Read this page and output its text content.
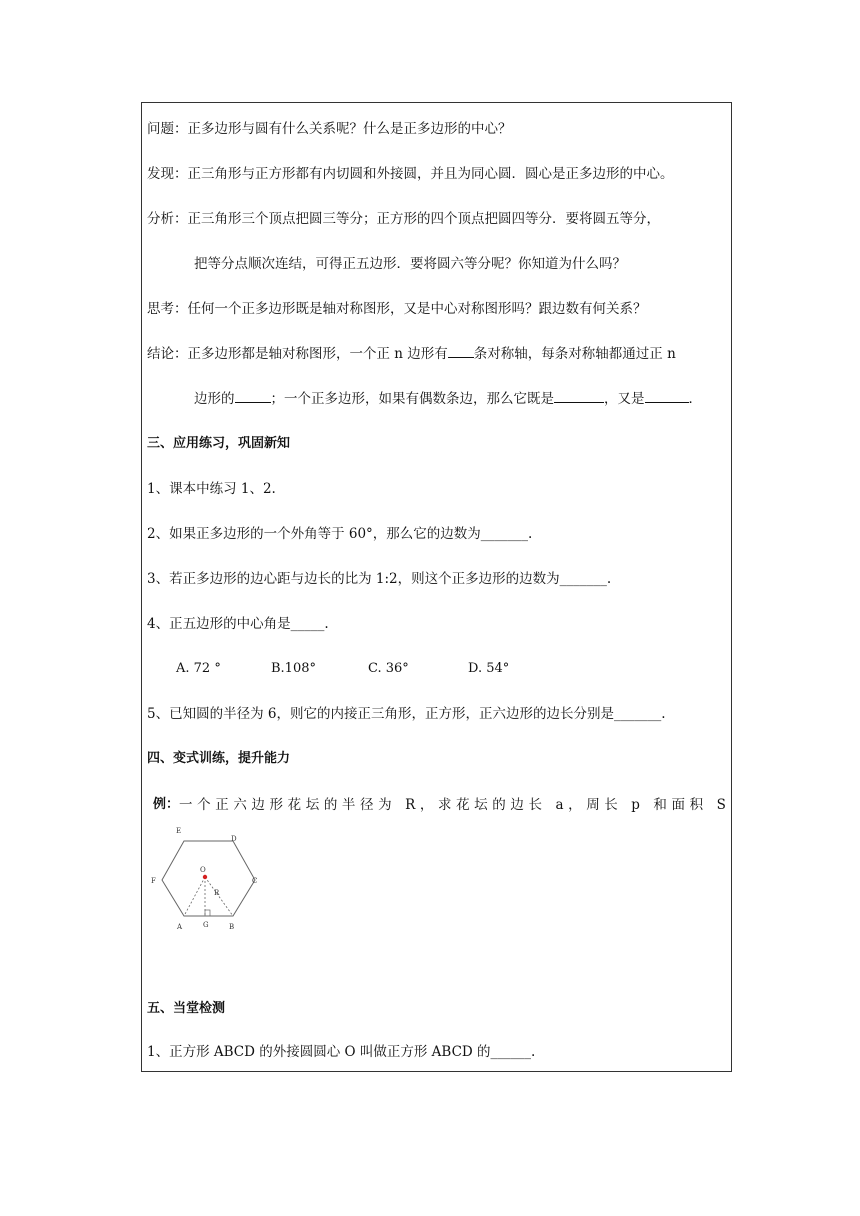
问题：正多边形与圆有什么关系呢？什么是正多边形的中心？
发现：正三角形与正方形都有内切圆和外接圆，并且为同心圆．圆心是正多边形的中心。
分析：正三角形三个顶点把圆三等分；正方形的四个顶点把圆四等分．要将圆五等分，
把等分点顺次连结，可得正五边形．要将圆六等分呢？你知道为什么吗？
思考：任何一个正多边形既是轴对称图形，又是中心对称图形吗？跟边数有何关系？
结论：正多边形都是轴对称图形，一个正 n 边形有 条对称轴，每条对称轴都通过正 n
边形的	；一个正多边形，如果有偶数条边，那么它既是	，又是	．
三、应用练习，巩固新知
1、课本中练习 1、2.
2、如果正多边形的一个外角等于 60°，那么它的边数为_______.
3、若正多边形的边心距与边长的比为 1:2，则这个正多边形的边数为_______.
4、正五边形的中心角是_____.
A. 72 °	B.108°	C. 36°	D. 54°
5、已知圆的半径为 6，则它的内接正三角形，正方形，正六边形的边长分别是_______.
四、变式训练，提升能力
例： 一个正六边形花坛的半径为 R，求花坛的边长 a，周长 p 和面积 S
E
D
F	C
O
R
A	G	B
五、当堂检测
1、正方形 ABCD 的外接圆圆心 O 叫做正方形 ABCD 的______.
